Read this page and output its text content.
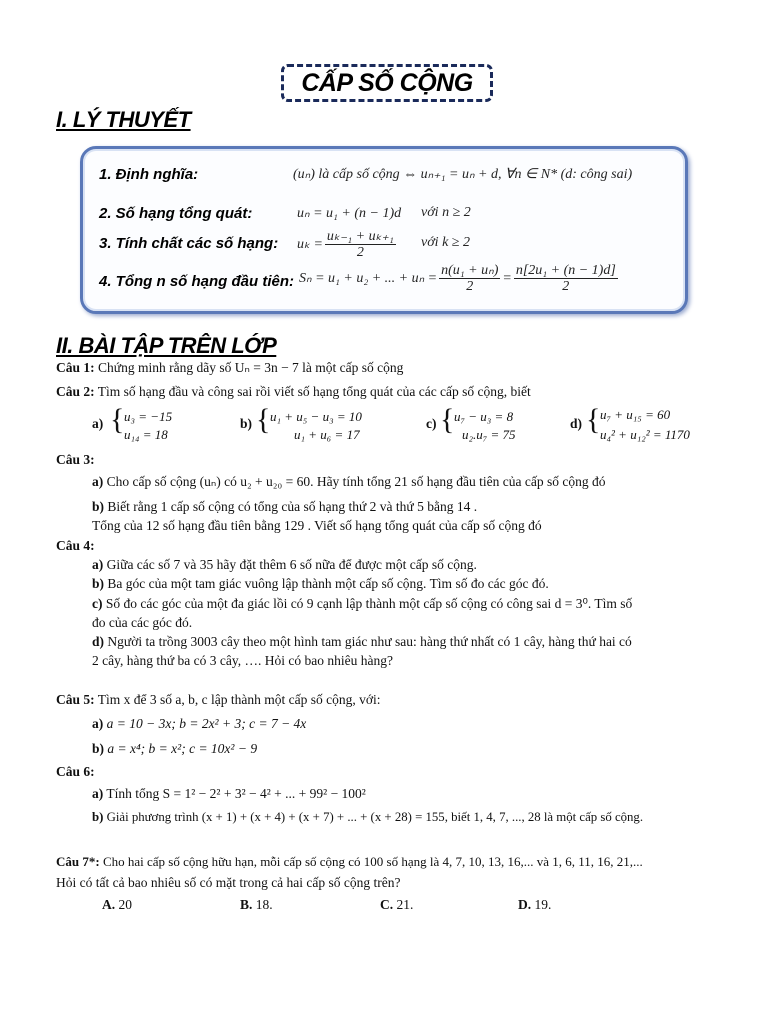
CẤP SỐ CỘNG
I. LÝ THUYẾT
1. Định nghĩa:	(uₙ) là cấp số cộng ⇔ uₙ₊₁ = uₙ + d, ∀n ∈ N* (d: công sai)
2. Số hạng tổng quát:	uₙ = u₁ + (n − 1)d với n ≥ 2
3. Tính chất các số hạng: $u_k = \frac{\text{uₖ₋₁ + uₖ₊₁}}{2}$ với k ≥ 2
4. Tổng n số hạng đầu tiên: Sₙ = u₁ + u₂ + ... + $u_n = \frac{\text{n(u₁ + uₙ)}}{2} = \frac{\text{n[2u₁ + (n − 1)d]}}{2}$
II. BÀI TẬP TRÊN LỚP
Câu 1: Chứng minh rằng dãy số Uₙ = 3n − 7 là một cấp số cộng
Câu 2: Tìm số hạng đầu và công sai rồi viết số hạng tổng quát của các cấp số cộng, biết
a) { u₃ = −15
u₁₄ = 18
b) { u₁ + u₅ − u₃ = 10
u₁ + u₆ = 17
c) { u₇ − u₃ = 8
u₂.u₇ = 75
d) { u₇ + u₁₅ = 60
u₄² + u₁₂² = 1170
Câu 3:
a) Cho cấp số cộng (uₙ) có u₂ + u₂₀ = 60. Hãy tính tổng 21 số hạng đầu tiên của cấp số cộng đó
b) Biết rằng 1 cấp số cộng có tổng của số hạng thứ 2 và thứ 5 bằng 14 .
Tổng của 12 số hạng đầu tiên bằng 129 . Viết số hạng tổng quát của cấp số cộng đó
Câu 4:
a) Giữa các số 7 và 35 hãy đặt thêm 6 số nữa để được một cấp số cộng.
b) Ba góc của một tam giác vuông lập thành một cấp số cộng. Tìm số đo các góc đó.
c) Số đo các góc của một đa giác lồi có 9 cạnh lập thành một cấp số cộng có công sai d = 3⁰. Tìm số
đo của các góc đó.
d) Người ta trồng 3003 cây theo một hình tam giác như sau: hàng thứ nhất có 1 cây, hàng thứ hai có
2 cây, hàng thứ ba có 3 cây, …. Hỏi có bao nhiêu hàng?
Câu 5: Tìm x để 3 số a, b, c lập thành một cấp số cộng, với:
a) a = 10 − 3x; b = 2x² + 3; c = 7 − 4x
b) a = x⁴; b = x²; c = 10x² − 9
Câu 6:
a) Tính tổng S = 1² − 2² + 3² − 4² + ... + 99² − 100²
b) Giải phương trình (x + 1) + (x + 4) + (x + 7) + ... + (x + 28) = 155, biết 1, 4, 7, ..., 28 là một cấp số cộng.
Câu 7*: Cho hai cấp số cộng hữu hạn, mỗi cấp số cộng có 100 số hạng là 4, 7, 10, 13, 16,... và 1, 6, 11, 16, 21,...
Hỏi có tất cả bao nhiêu số có mặt trong cả hai cấp số cộng trên?
A. 20	B. 18.	C. 21.	D. 19.
